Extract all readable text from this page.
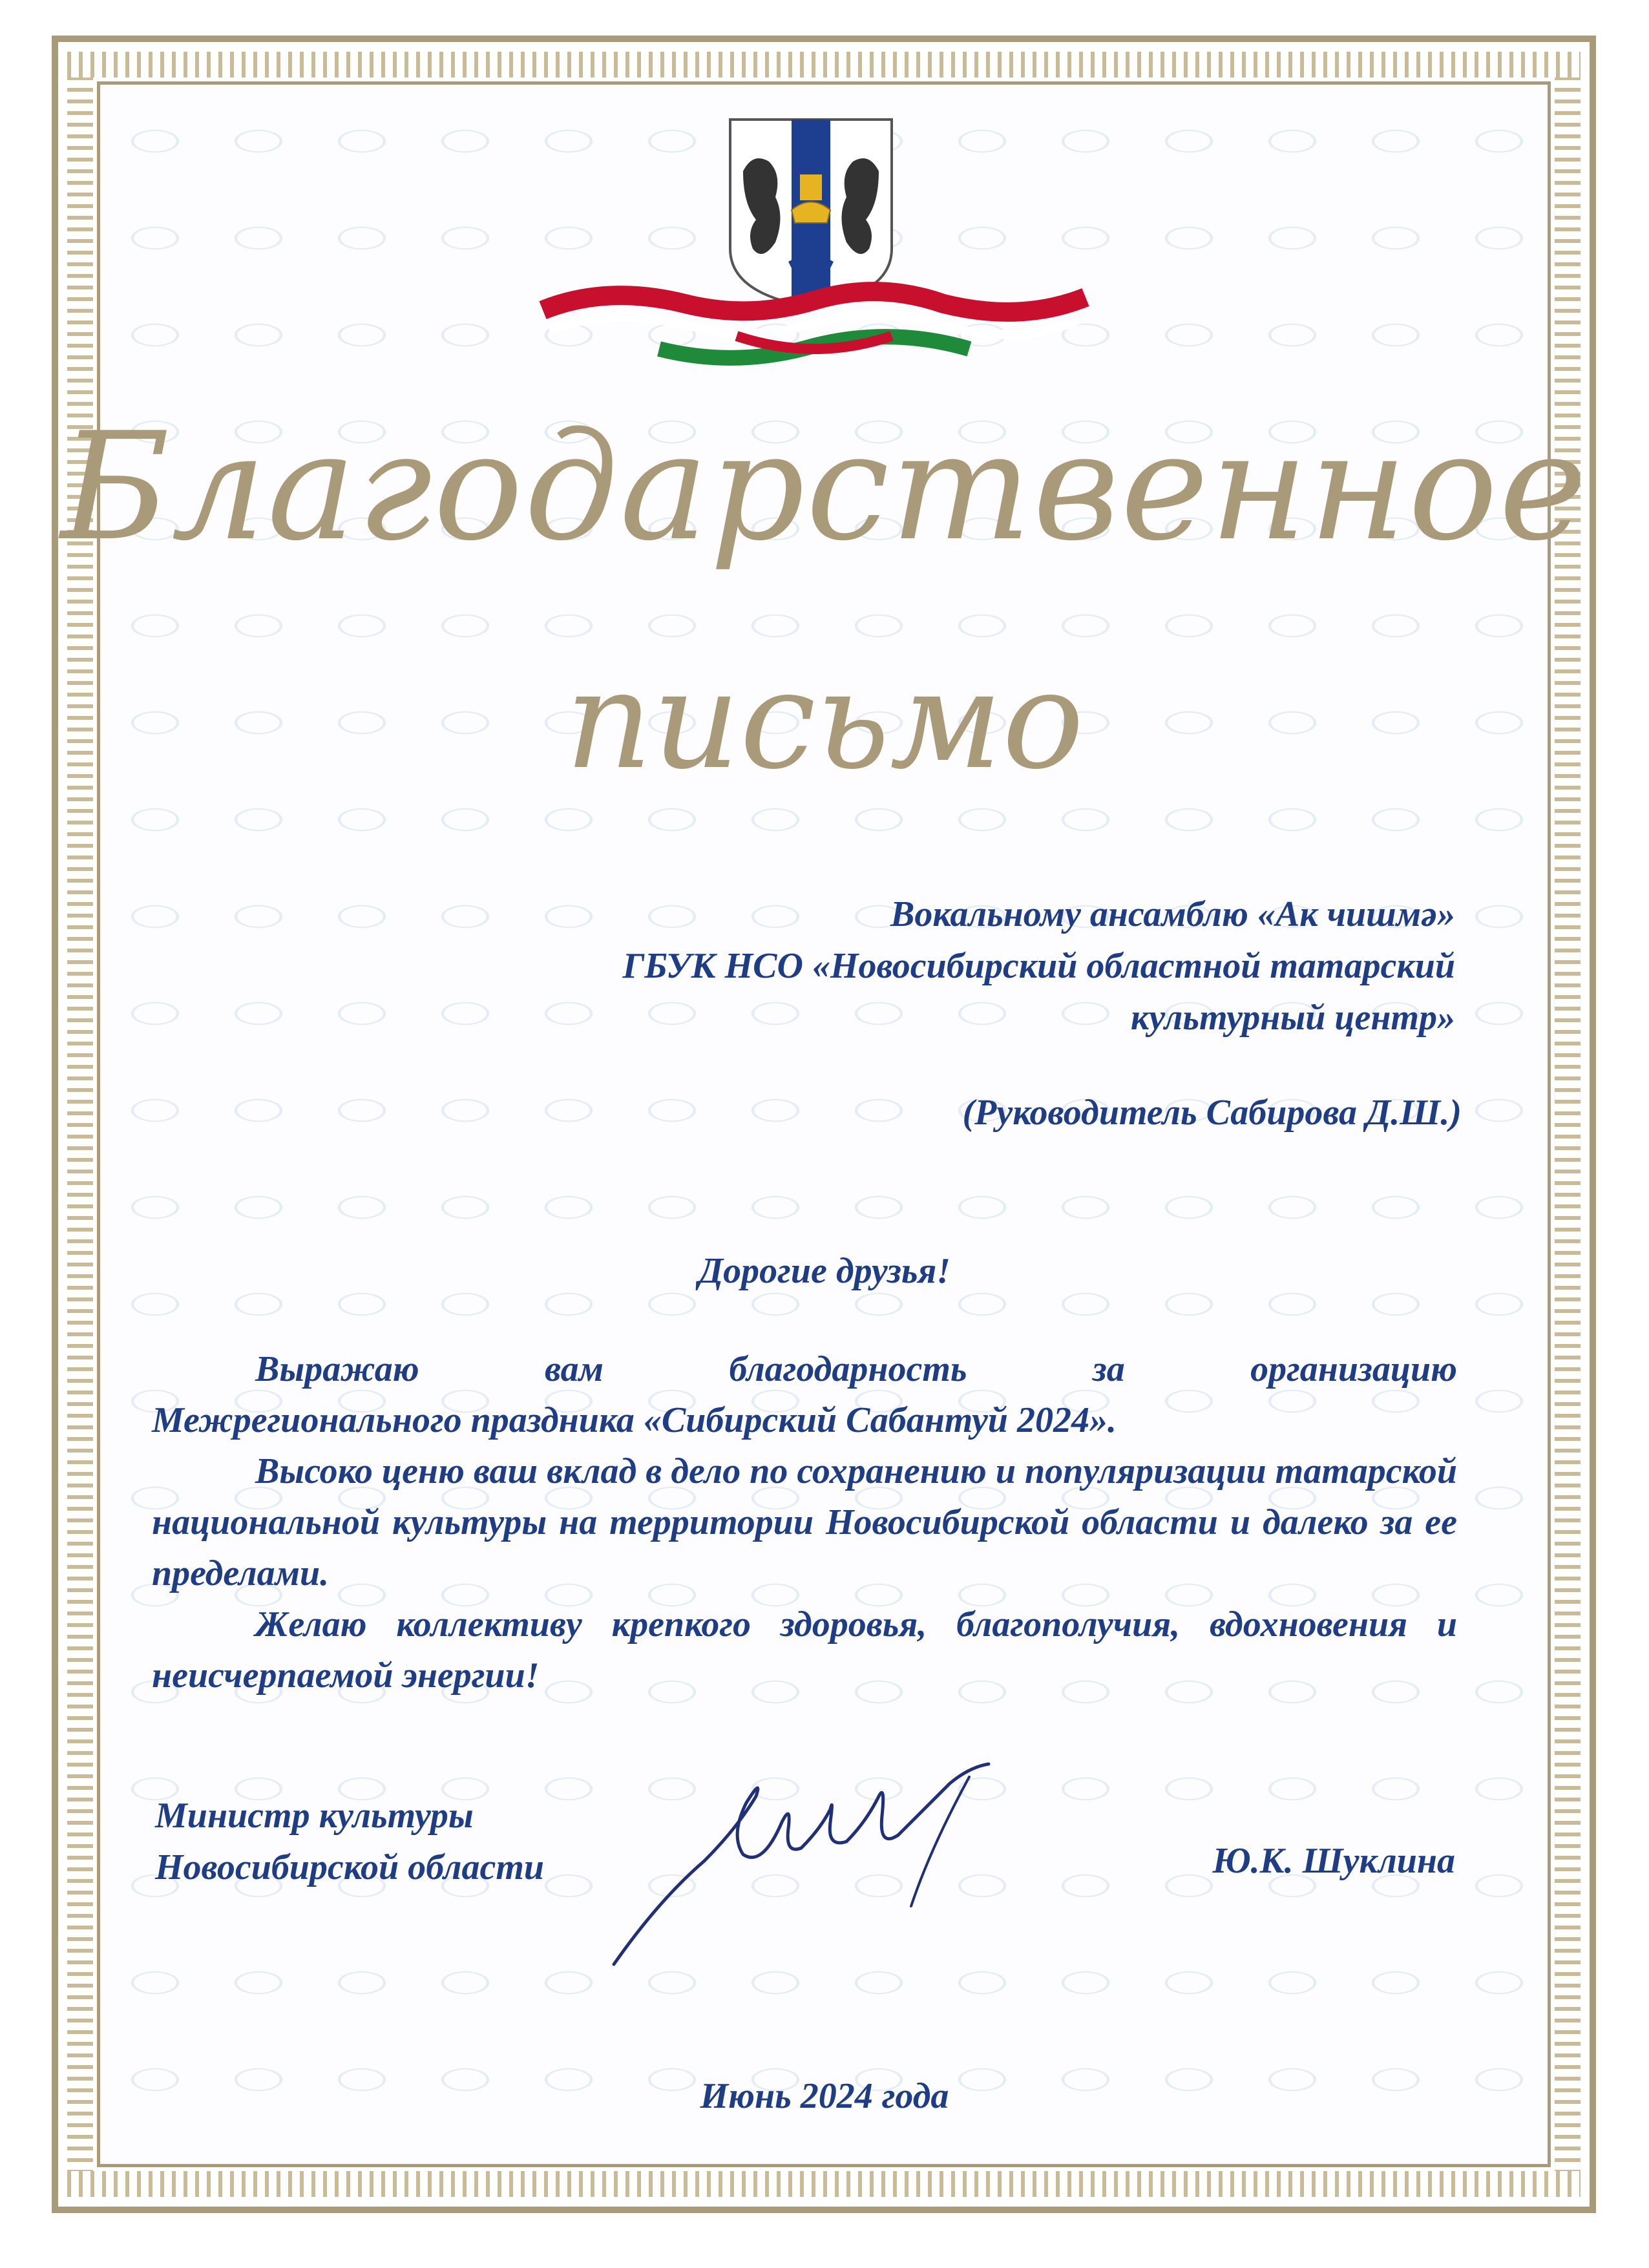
Благодарственное
письмо
Вокальному ансамблю «Ак чишмә»
ГБУК НСО «Новосибирский областной татарский
культурный центр»
(Руководитель Сабирова Д.Ш.)
Дорогие друзья!

Выражаю вам благодарность за организацию

Межрегионального праздника «Сибирский Сабантуй 2024».

Высоко ценю ваш вклад в дело по сохранению и популяризации татарской национальной культуры на территории Новосибирской области и далеко за ее пределами.

Желаю коллективу крепкого здоровья, благополучия, вдохновения и неисчерпаемой энергии!

Министр культуры
Новосибирской области	Ю.К. Шуклина
Июнь 2024 года
